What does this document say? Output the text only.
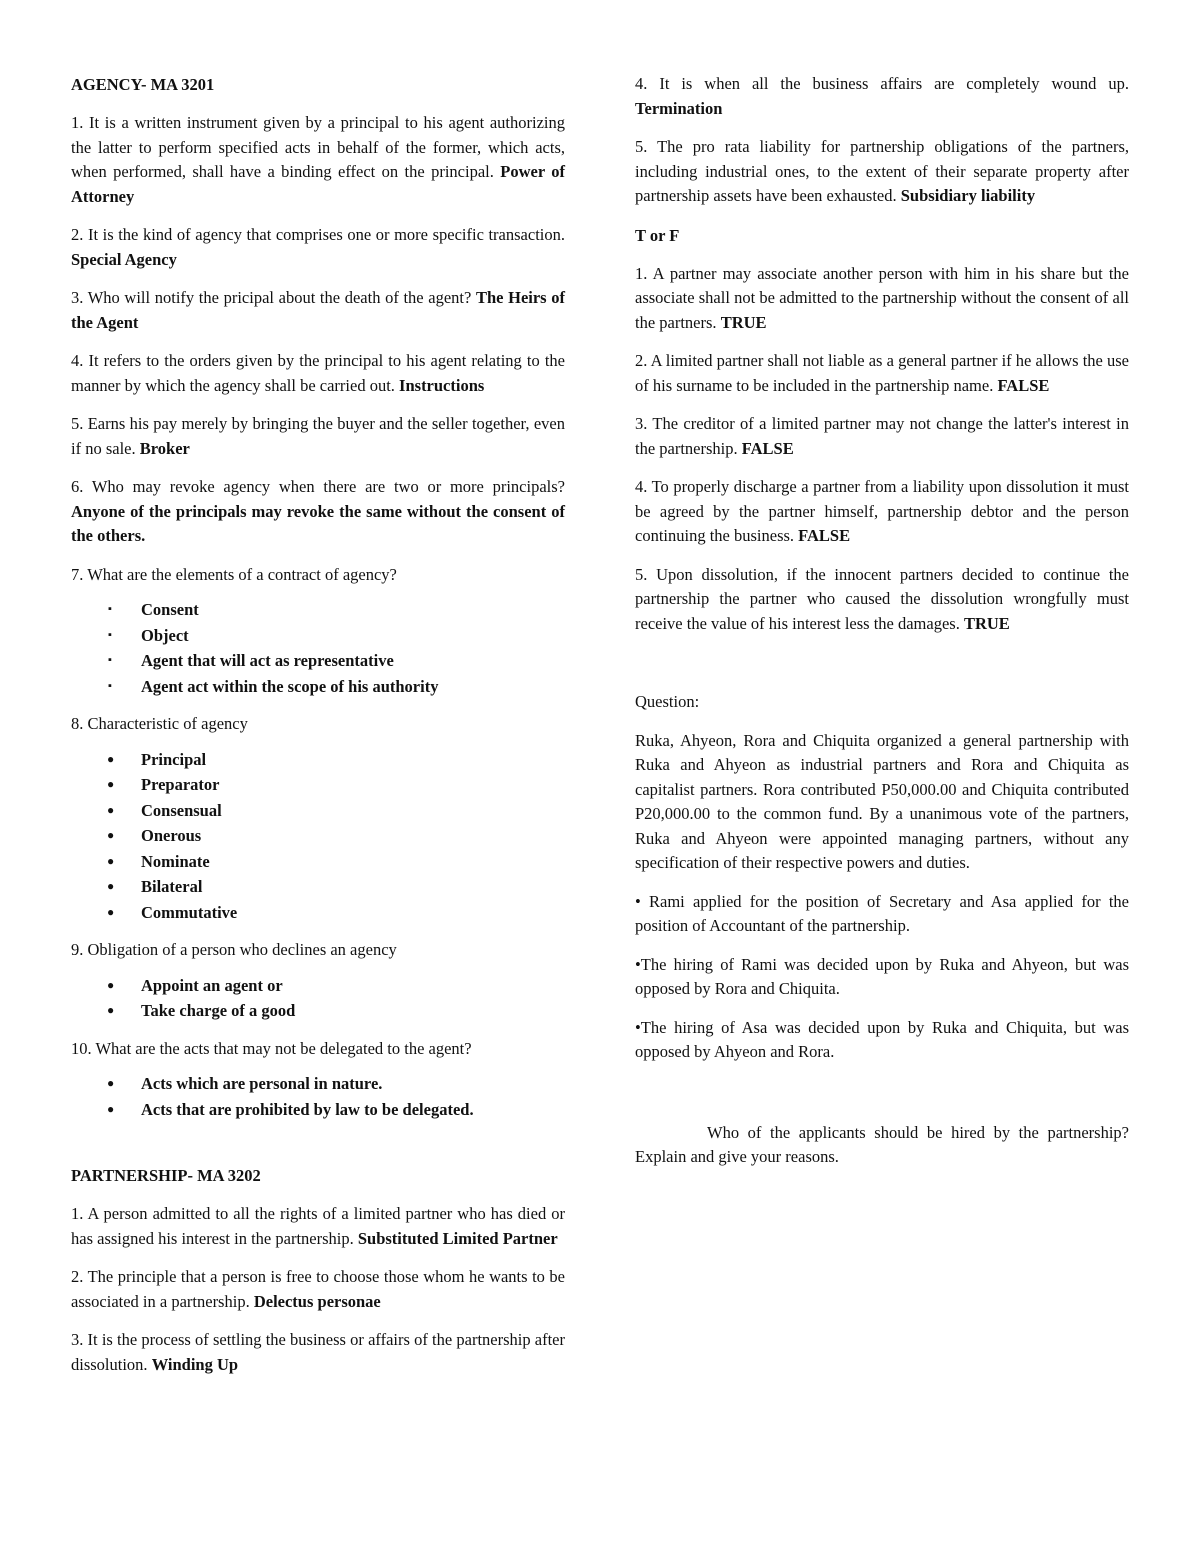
AGENCY- MA 3201

1. It is a written instrument given by a principal to his agent authorizing the latter to perform specified acts in behalf of the former, which acts, when performed, shall have a binding effect on the principal. Power of Attorney

2. It is the kind of agency that comprises one or more specific transaction. Special Agency

3. Who will notify the pricipal about the death of the agent? The Heirs of the Agent

4. It refers to the orders given by the principal to his agent relating to the manner by which the agency shall be carried out. Instructions

5. Earns his pay merely by bringing the buyer and the seller together, even if no sale. Broker

6. Who may revoke agency when there are two or more principals? Anyone of the principals may revoke the same without the consent of the others.

7. What are the elements of a contract of agency?

▪ Consent
▪ Object
▪ Agent that will act as representative
▪ Agent act within the scope of his authority

8. Characteristic of agency

● Principal
● Preparator
● Consensual
● Onerous
● Nominate
● Bilateral
● Commutative

9. Obligation of a person who declines an agency

● Appoint an agent or
● Take charge of a good

10. What are the acts that may not be delegated to the agent?

● Acts which are personal in nature.
● Acts that are prohibited by law to be delegated.
PARTNERSHIP- MA 3202

1. A person admitted to all the rights of a limited partner who has died or has assigned his interest in the partnership. Substituted Limited Partner

2. The principle that a person is free to choose those whom he wants to be associated in a partnership. Delectus personae

3. It is the process of settling the business or affairs of the partnership after dissolution. Winding Up

4. It is when all the business affairs are completely wound up. Termination

5. The pro rata liability for partnership obligations of the partners, including industrial ones, to the extent of their separate property after partnership assets have been exhausted. Subsidiary liability

T or F

1. A partner may associate another person with him in his share but the associate shall not be admitted to the partnership without the consent of all the partners. TRUE

2. A limited partner shall not liable as a general partner if he allows the use of his surname to be included in the partnership name. FALSE

3. The creditor of a limited partner may not change the latter's interest in the partnership. FALSE

4. To properly discharge a partner from a liability upon dissolution it must be agreed by the partner himself, partnership debtor and the person continuing the business. FALSE

5. Upon dissolution, if the innocent partners decided to continue the partnership the partner who caused the dissolution wrongfully must receive the value of his interest less the damages. TRUE

Question:

Ruka, Ahyeon, Rora and Chiquita organized a general partnership with Ruka and Ahyeon as industrial partners and Rora and Chiquita as capitalist partners. Rora contributed P50,000.00 and Chiquita contributed P20,000.00 to the common fund. By a unanimous vote of the partners, Ruka and Ahyeon were appointed managing partners, without any specification of their respective powers and duties.

• Rami applied for the position of Secretary and Asa applied for the position of Accountant of the partnership.

•The hiring of Rami was decided upon by Ruka and Ahyeon, but was opposed by Rora and Chiquita.

•The hiring of Asa was decided upon by Ruka and Chiquita, but was opposed by Ahyeon and Rora.

Who of the applicants should be hired by the partnership? Explain and give your reasons.
